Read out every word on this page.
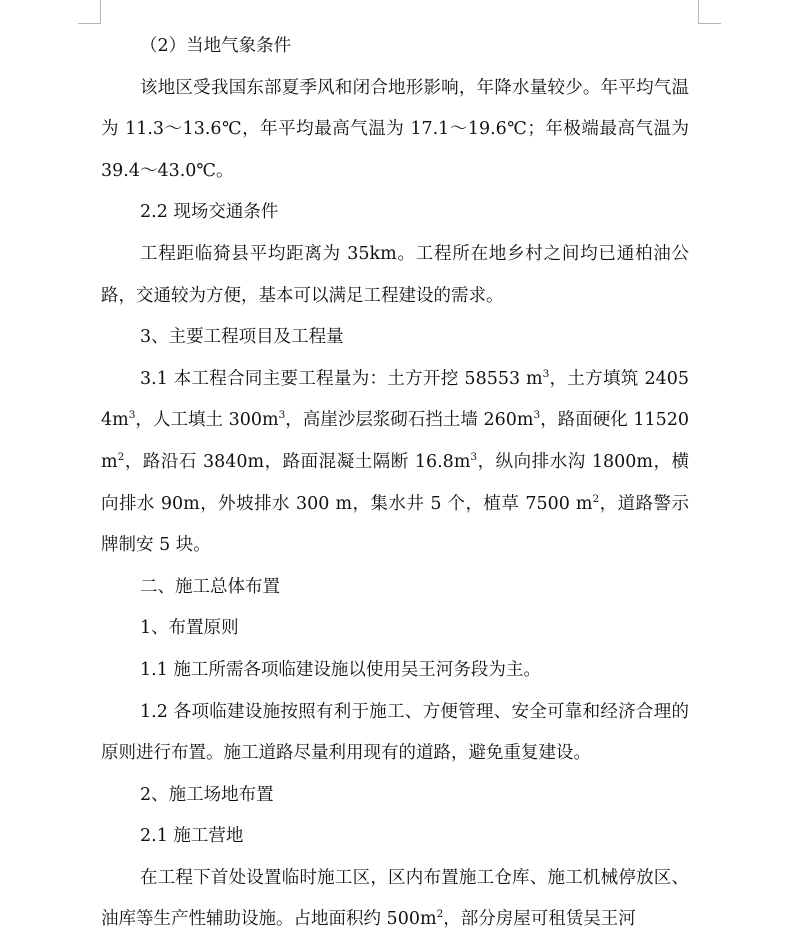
（2）当地气象条件

该地区受我国东部夏季风和闭合地形影响，年降水量较少。年平均气温为 11.3～13.6℃，年平均最高气温为 17.1～19.6℃；年极端最高气温为 39.4～43.0℃。

2.2 现场交通条件

工程距临猗县平均距离为 35km。工程所在地乡村之间均已通柏油公路，交通较为方便，基本可以满足工程建设的需求。

3、主要工程项目及工程量

3.1 本工程合同主要工程量为：土方开挖 58553 $m^3$，土方填筑 $24054m^3$，人工填土 $300m^3$，高崖沙层浆砌石挡土墙 $260m^3$，路面硬化 11520 $m^2$，路沿石 3840m，路面混凝土隔断 $16.8m^3$，纵向排水沟 1800m，横向排水 90m，外坡排水 300 m，集水井 5 个，植草 7500 $m^2$，道路警示牌制安 5 块。

二、施工总体布置

1、布置原则

1.1 施工所需各项临建设施以使用吴王河务段为主。

1.2 各项临建设施按照有利于施工、方便管理、安全可靠和经济合理的原则进行布置。施工道路尽量利用现有的道路，避免重复建设。

2、施工场地布置

2.1 施工营地

在工程下首处设置临时施工区，区内布置施工仓库、施工机械停放区、油库等生产性辅助设施。占地面积约 $500m^2$，部分房屋可租赁吴王河
